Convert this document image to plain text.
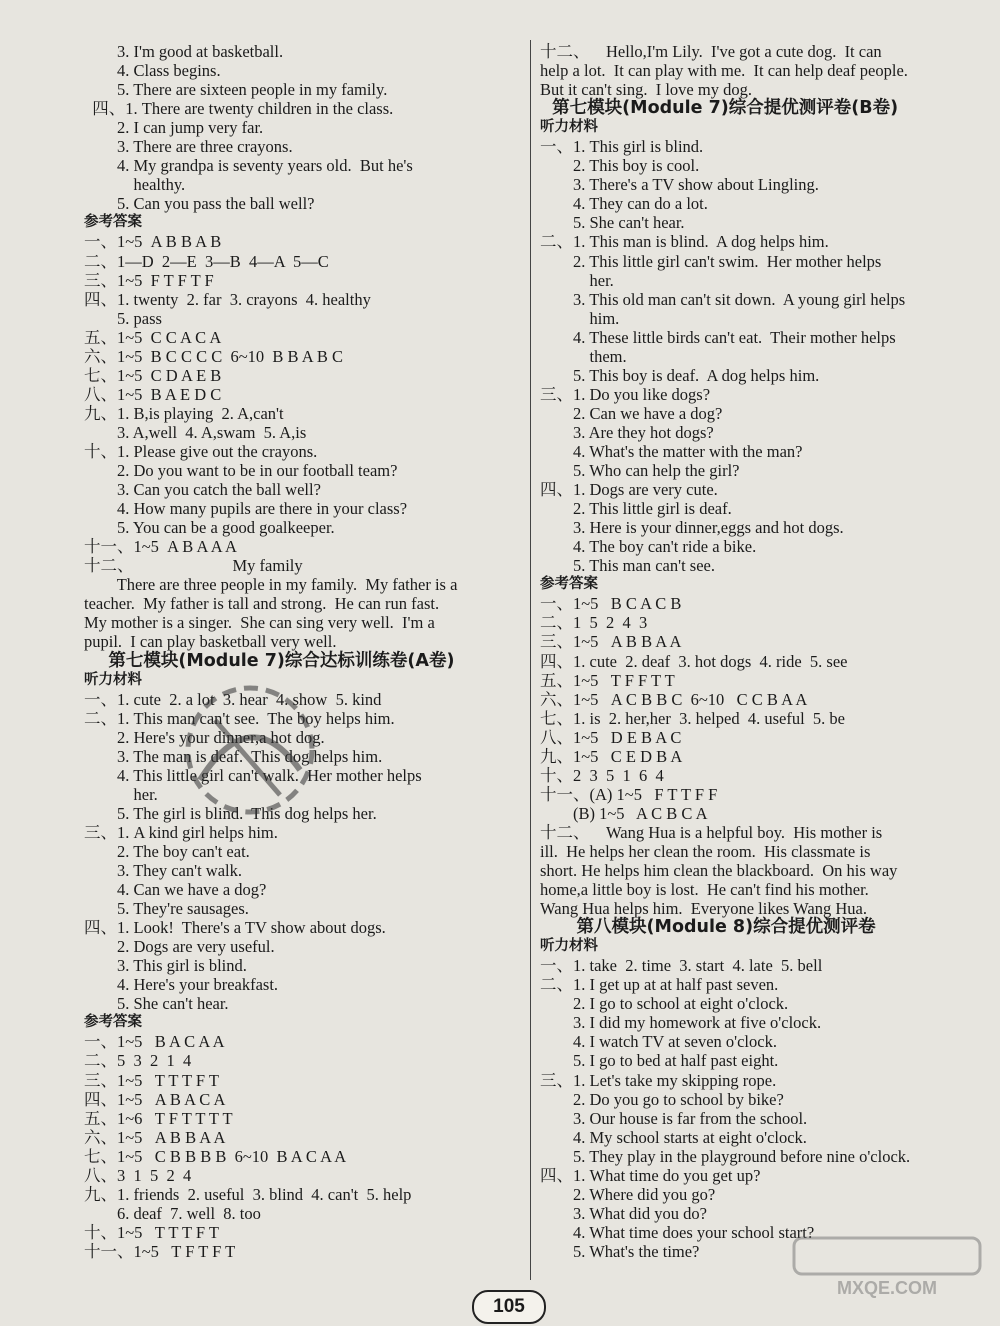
3. I'm good at basketball.
4. Class begins.
5. There are sixteen people in my family.
四、1. There are twenty children in the class.
2. I can jump very far.
3. There are three crayons.
4. My grandpa is seventy years old.  But he's
healthy.
5. Can you pass the ball well?
参考答案
一、1~5  A B B A B
二、1—D  2—E  3—B  4—A  5—C
三、1~5  F T F T F
四、1. twenty  2. far  3. crayons  4. healthy
5. pass
五、1~5  C C A C A
六、1~5  B C C C C  6~10  B B A B C
七、1~5  C D A E B
八、1~5  B A E D C
九、1. B,is playing  2. A,can't
3. A,well  4. A,swam  5. A,is
十、1. Please give out the crayons.
2. Do you want to be in our football team?
3. Can you catch the ball well?
4. How many pupils are there in your class?
5. You can be a good goalkeeper.
十一、1~5  A B A A A
十二、                        My family
There are three people in my family.  My father is a
teacher.  My father is tall and strong.  He can run fast.
My mother is a singer.  She can sing very well.  I'm a
pupil.  I can play basketball very well.
第七模块(Module 7)综合达标训练卷(A卷)
听力材料
一、1. cute  2. a lot  3. hear  4. show  5. kind
二、1. This man can't see.  The boy helps him.
2. Here's your dinner,a hot dog.
3. The man is deaf.  This dog helps him.
4. This little girl can't walk.  Her mother helps
her.
5. The girl is blind.  This dog helps her.
三、1. A kind girl helps him.
2. The boy can't eat.
3. They can't walk.
4. Can we have a dog?
5. They're sausages.
四、1. Look!  There's a TV show about dogs.
2. Dogs are very useful.
3. This girl is blind.
4. Here's your breakfast.
5. She can't hear.
参考答案
一、1~5   B A C A A
二、5  3  2  1  4
三、1~5   T T T F T
四、1~5   A B A C A
五、1~6   T F T T T T
六、1~5   A B B A A
七、1~5   C B B B B  6~10  B A C A A
八、3  1  5  2  4
九、1. friends  2. useful  3. blind  4. can't  5. help
6. deaf  7. well  8. too
十、1~5   T T T F T
十一、1~5   T F T F T
十二、    Hello,I'm Lily.  I've got a cute dog.  It can
help a lot.  It can play with me.  It can help deaf people.
But it can't sing.  I love my dog.
第七模块(Module 7)综合提优测评卷(B卷)
听力材料
一、1. This girl is blind.
2. This boy is cool.
3. There's a TV show about Lingling.
4. They can do a lot.
5. She can't hear.
二、1. This man is blind.  A dog helps him.
2. This little girl can't swim.  Her mother helps
her.
3. This old man can't sit down.  A young girl helps
him.
4. These little birds can't eat.  Their mother helps
them.
5. This boy is deaf.  A dog helps him.
三、1. Do you like dogs?
2. Can we have a dog?
3. Are they hot dogs?
4. What's the matter with the man?
5. Who can help the girl?
四、1. Dogs are very cute.
2. This little girl is deaf.
3. Here is your dinner,eggs and hot dogs.
4. The boy can't ride a bike.
5. This man can't see.
参考答案
一、1~5   B C A C B
二、1  5  2  4  3
三、1~5   A B B A A
四、1. cute  2. deaf  3. hot dogs  4. ride  5. see
五、1~5   T F F T T
六、1~5   A C B B C  6~10   C C B A A
七、1. is  2. her,her  3. helped  4. useful  5. be
八、1~5   D E B A C
九、1~5   C E D B A
十、2  3  5  1  6  4
十一、(A) 1~5   F T T F F
(B) 1~5   A C B C A
十二、    Wang Hua is a helpful boy.  His mother is
ill.  He helps her clean the room.  His classmate is
short. He helps him clean the blackboard.  On his way
home,a little boy is lost.  He can't find his mother.
Wang Hua helps him.  Everyone likes Wang Hua.
第八模块(Module 8)综合提优测评卷
听力材料
一、1. take  2. time  3. start  4. late  5. bell
二、1. I get up at at half past seven.
2. I go to school at eight o'clock.
3. I did my homework at five o'clock.
4. I watch TV at seven o'clock.
5. I go to bed at half past eight.
三、1. Let's take my skipping rope.
2. Do you go to school by bike?
3. Our house is far from the school.
4. My school starts at eight o'clock.
5. They play in the playground before nine o'clock.
四、1. What time do you get up?
2. Where did you go?
3. What did you do?
4. What time does your school start?
5. What's the time?
105
MXQE.COM
